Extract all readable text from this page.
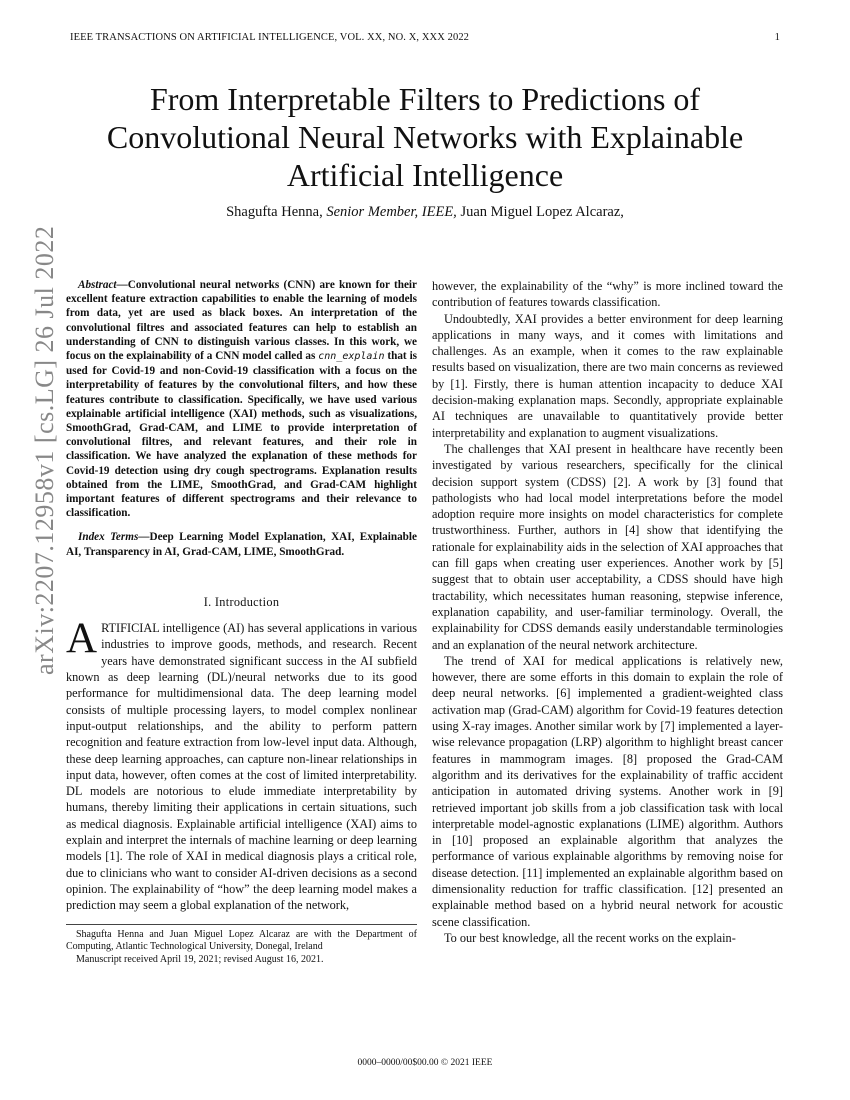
IEEE TRANSACTIONS ON ARTIFICIAL INTELLIGENCE, VOL. XX, NO. X, XXX 2022	1
arXiv:2207.12958v1 [cs.LG] 26 Jul 2022
From Interpretable Filters to Predictions of
Convolutional Neural Networks with Explainable
Artificial Intelligence
Shagufta Henna, Senior Member, IEEE, Juan Miguel Lopez Alcaraz,

Abstract—Convolutional neural networks (CNN) are known for their excellent feature extraction capabilities to enable the learning of models from data, yet are used as black boxes. An interpretation of the convolutional filtres and associated features can help to establish an understanding of CNN to distinguish various classes. In this work, we focus on the explainability of a CNN model called as cnn_explain that is used for Covid-19 and non-Covid-19 classification with a focus on the interpretability of features by the convolutional filters, and how these features contribute to classification. Specifically, we have used various explainable artificial intelligence (XAI) methods, such as visualizations, SmoothGrad, Grad-CAM, and LIME to provide interpretation of convolutional filtres, and relevant features, and their role in classification. We have analyzed the explanation of these methods for Covid-19 detection using dry cough spectrograms. Explanation results obtained from the LIME, SmoothGrad, and Grad-CAM highlight important features of different spectrograms and their relevance to classification.

Index Terms—Deep Learning Model Explanation, XAI, Explainable AI, Transparency in AI, Grad-CAM, LIME, SmoothGrad.

I. Introduction

ARTIFICIAL intelligence (AI) has several applications in various industries to improve goods, methods, and research. Recent years have demonstrated significant success in the AI subfield known as deep learning (DL)/neural networks due to its good performance for multidimensional data. The deep learning model consists of multiple processing layers, to model complex nonlinear input-output relationships, and the ability to perform pattern recognition and feature extraction from low-level input data. Although, these deep learning approaches, can capture non-linear relationships in input data, however, often comes at the cost of limited interpretability. DL models are notorious to elude immediate interpretability by humans, thereby limiting their applications in certain situations, such as medical diagnosis. Explainable artificial intelligence (XAI) aims to explain and interpret the internals of machine learning or deep learning models [1]. The role of XAI in medical diagnosis plays a critical role, due to clinicians who want to consider AI-driven decisions as a second opinion. The explainability of “how” the deep learning model makes a prediction may seem a global explanation of the network,

Shagufta Henna and Juan Miguel Lopez Alcaraz are with the Department of Computing, Atlantic Technological University, Donegal, Ireland

Manuscript received April 19, 2021; revised August 16, 2021.

however, the explainability of the “why” is more inclined toward the contribution of features towards classification.

Undoubtedly, XAI provides a better environment for deep learning applications in many ways, and it comes with limitations and challenges. As an example, when it comes to the raw explainable results based on visualization, there are two main concerns as reviewed by [1]. Firstly, there is human attention incapacity to deduce XAI decision-making explanation maps. Secondly, appropriate explainable AI techniques are unavailable to quantitatively provide better interpretability and explanation to augment visualizations.

The challenges that XAI present in healthcare have recently been investigated by various researchers, specifically for the clinical decision support system (CDSS) [2]. A work by [3] found that pathologists who had local model interpretations before the model adoption require more insights on model characteristics for complete trustworthiness. Further, authors in [4] show that identifying the rationale for explainability aids in the selection of XAI approaches that can fill gaps when creating user experiences. Another work by [5] suggest that to obtain user acceptability, a CDSS should have high tractability, which necessitates human reasoning, stepwise inference, explanation capability, and user-familiar terminology. Overall, the explainability for CDSS demands easily understandable terminologies and an explanation of the neural network architecture.

The trend of XAI for medical applications is relatively new, however, there are some efforts in this domain to explain the role of deep neural networks. [6] implemented a gradient-weighted class activation map (Grad-CAM) algorithm for Covid-19 features detection using X-ray images. Another similar work by [7] implemented a layer-wise relevance propagation (LRP) algorithm to highlight breast cancer features in mammogram images. [8] proposed the Grad-CAM algorithm and its derivatives for the explainability of traffic accident anticipation in automated driving systems. Another work in [9] retrieved important job skills from a job classification task with local interpretable model-agnostic explanations (LIME) algorithm. Authors in [10] proposed an explainable algorithm that analyzes the performance of various explainable algorithms by removing noise for disease detection. [11] implemented an explainable algorithm based on dimensionality reduction for traffic classification. [12] presented an explainable method based on a hybrid neural network for acoustic scene classification.

To our best knowledge, all the recent works on the explain-

0000–0000/00$00.00 © 2021 IEEE
